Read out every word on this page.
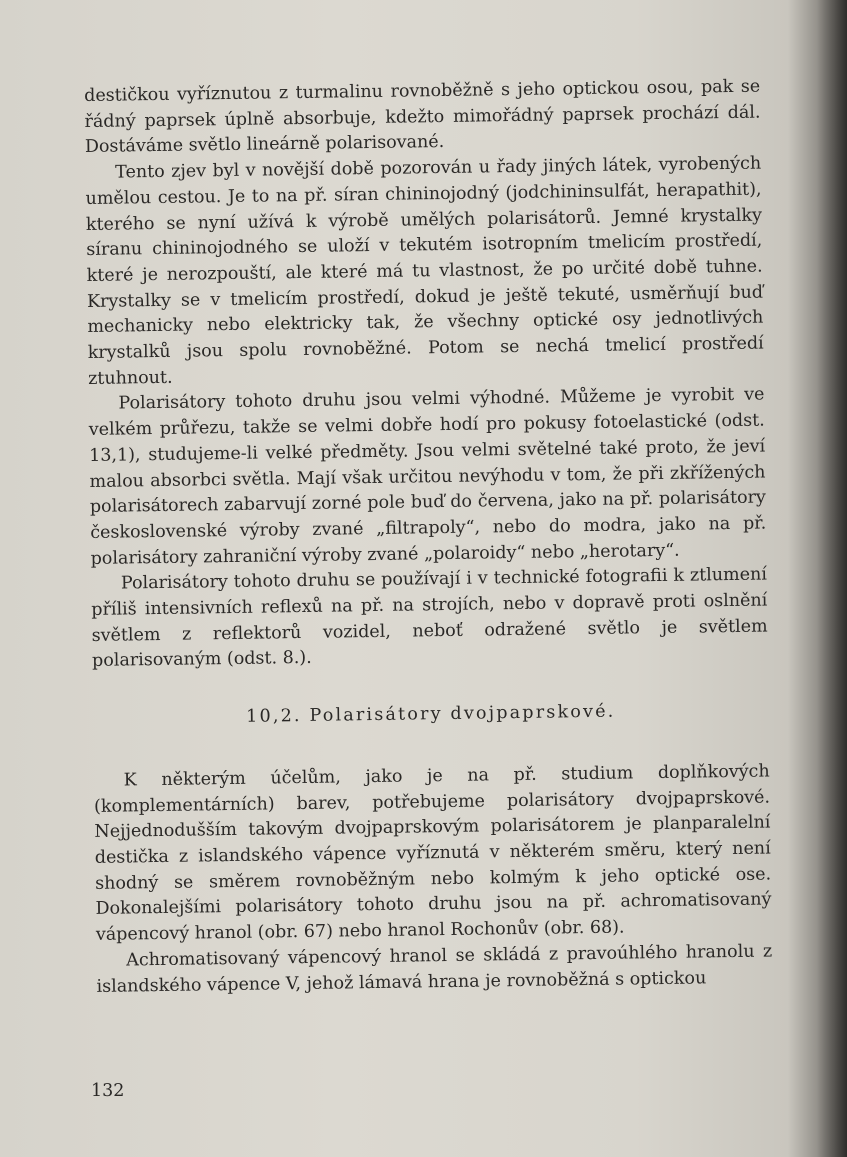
destičkou vyříznutou z turmalinu rovnoběžně s jeho optickou osou, pak se řádný paprsek úplně absorbuje, kdežto mimořádný paprsek prochází dál. Dostáváme světlo lineárně polarisované.

Tento zjev byl v novější době pozorován u řady jiných látek, vyrobených umělou cestou. Je to na př. síran chininojodný (jodchininsulfát, herapathit), kterého se nyní užívá k výrobě umělých polarisátorů. Jemné krystalky síranu chininojodného se uloží v tekutém isotropním tmelicím prostředí, které je nerozpouští, ale které má tu vlastnost, že po určité době tuhne. Krystalky se v tmelicím prostředí, dokud je ještě tekuté, usměrňují buď mechanicky nebo elektricky tak, že všechny optické osy jednotlivých krystalků jsou spolu rovnoběžné. Potom se nechá tmelicí prostředí ztuhnout.

Polarisátory tohoto druhu jsou velmi výhodné. Můžeme je vyrobit ve velkém průřezu, takže se velmi dobře hodí pro pokusy fotoelastické (odst. 13,1), studujeme-li velké předměty. Jsou velmi světelné také proto, že jeví malou absorbci světla. Mají však určitou nevýhodu v tom, že při zkřížených polarisátorech zabarvují zorné pole buď do červena, jako na př. polarisátory československé výroby zvané „filtrapoly“, nebo do modra, jako na př. polarisátory zahraniční výroby zvané „polaroidy“ nebo „herotary“.

Polarisátory tohoto druhu se používají i v technické fotografii k ztlumení příliš intensivních reflexů na př. na strojích, nebo v dopravě proti oslnění světlem z reflektorů vozidel, neboť odražené světlo je světlem polarisovaným (odst. 8.).

10,2. Polarisátory dvojpaprskové.

K některým účelům, jako je na př. studium doplňkových (komplementárních) barev, potřebujeme polarisátory dvojpaprskové. Nejjednodušším takovým dvojpaprskovým polarisátorem je planparalelní destička z islandského vápence vyříznutá v některém směru, který není shodný se směrem rovnoběžným nebo kolmým k jeho optické ose. Dokonalejšími polarisátory tohoto druhu jsou na př. achromatisovaný vápencový hranol (obr. 67) nebo hranol Rochonův (obr. 68).

Achromatisovaný vápencový hranol se skládá z pravoúhlého hranolu z islandského vápence V, jehož lámavá hrana je rovnoběžná s optickou

132
